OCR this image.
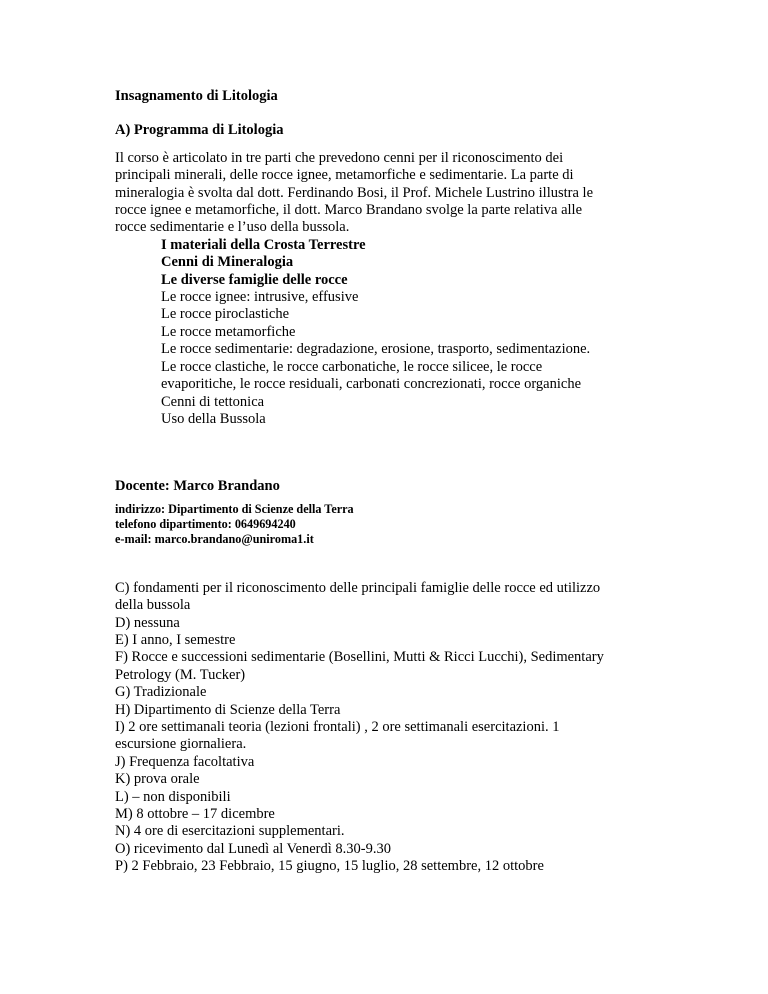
Insagnamento di Litologia
A) Programma di Litologia
Il corso è articolato in tre parti che prevedono cenni per il riconoscimento dei
principali minerali, delle rocce ignee, metamorfiche e sedimentarie. La parte di
mineralogia è svolta dal dott. Ferdinando Bosi, il Prof. Michele Lustrino illustra le
rocce ignee e metamorfiche, il dott. Marco Brandano svolge la parte relativa alle
rocce sedimentarie e l’uso della bussola.
I materiali della Crosta Terrestre
Cenni di Mineralogia
Le diverse famiglie delle rocce
Le rocce ignee: intrusive, effusive
Le rocce piroclastiche
Le rocce metamorfiche
Le rocce sedimentarie: degradazione, erosione, trasporto, sedimentazione.
Le rocce clastiche, le rocce carbonatiche, le rocce silicee, le rocce
evaporitiche, le rocce residuali, carbonati concrezionati, rocce organiche
Cenni di tettonica
Uso della Bussola
Docente: Marco Brandano
indirizzo: Dipartimento di Scienze della Terra
telefono dipartimento: 0649694240
e-mail: marco.brandano@uniroma1.it
C) fondamenti per il riconoscimento delle principali famiglie delle rocce ed utilizzo
della bussola
D) nessuna
E) I anno, I semestre
F) Rocce e successioni sedimentarie (Bosellini, Mutti & Ricci Lucchi), Sedimentary
Petrology (M. Tucker)
G) Tradizionale
H) Dipartimento di Scienze della Terra
I) 2 ore settimanali teoria (lezioni frontali) , 2 ore settimanali esercitazioni. 1
escursione giornaliera.
J) Frequenza facoltativa
K) prova orale
L) – non disponibili
M) 8 ottobre – 17 dicembre
N) 4 ore di esercitazioni supplementari.
O) ricevimento dal Lunedì al Venerdì 8.30-9.30
P) 2 Febbraio, 23 Febbraio, 15 giugno, 15 luglio, 28 settembre, 12 ottobre
